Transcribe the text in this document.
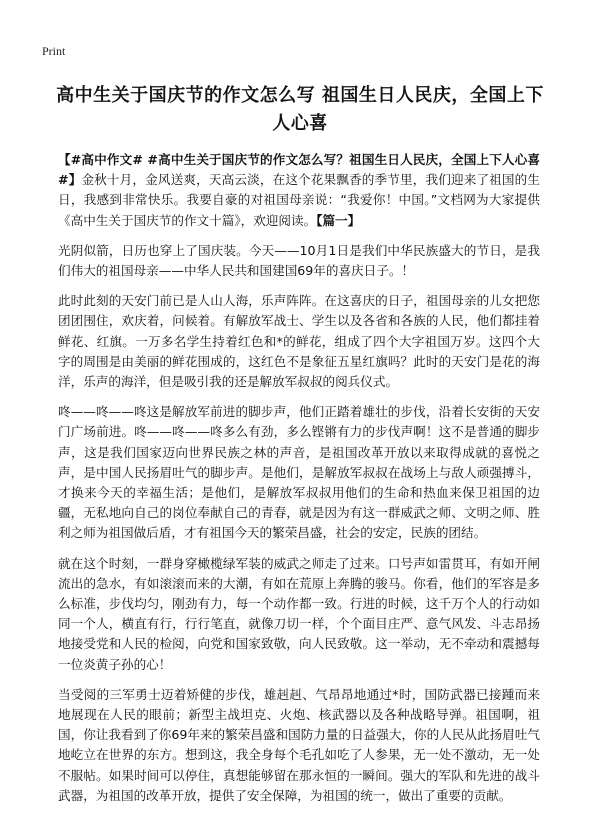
Print
高中生关于国庆节的作文怎么写 祖国生日人民庆，全国上下人心喜

【#高中作文# #高中生关于国庆节的作文怎么写？祖国生日人民庆，全国上下人心喜#】金秋十月，金风送爽，天高云淡，在这个花果飘香的季节里，我们迎来了祖国的生日，我感到非常快乐。我要自豪的对祖国母亲说：“我爱你！中国。”文档网为大家提供《高中生关于国庆节的作文十篇》，欢迎阅读。【篇一】

光阴似箭，日历也穿上了国庆装。今天——10月1日是我们中华民族盛大的节日，是我们伟大的祖国母亲——中华人民共和国建国69年的喜庆日子。！

此时此刻的天安门前已是人山人海，乐声阵阵。在这喜庆的日子，祖国母亲的儿女把您团团围住，欢庆着，问候着。有解放军战士、学生以及各省和各族的人民，他们都挂着鲜花、红旗。一万多名学生持着红色和*的鲜花，组成了四个大字祖国万岁。这四个大字的周围是由美丽的鲜花围成的，这红色不是象征五星红旗吗？此时的天安门是花的海洋，乐声的海洋，但是吸引我的还是解放军叔叔的阅兵仪式。

咚——咚——咚这是解放军前进的脚步声，他们正踏着雄壮的步伐，沿着长安街的天安门广场前进。咚——咚——咚多么有劲，多么铿锵有力的步伐声啊！这不是普通的脚步声，这是我们国家迈向世界民族之林的声音，是祖国改革开放以来取得成就的喜悦之声，是中国人民扬眉吐气的脚步声。是他们，是解放军叔叔在战场上与敌人顽强搏斗，才换来今天的幸福生活；是他们，是解放军叔叔用他们的生命和热血来保卫祖国的边疆，无私地向自己的岗位奉献自己的青春，就是因为有这一群威武之师、文明之师、胜利之师为祖国做后盾，才有祖国今天的繁荣昌盛，社会的安定，民族的团结。

就在这个时刻，一群身穿橄榄绿军装的威武之师走了过来。口号声如雷贯耳，有如开闸流出的急水，有如滚滚而来的大潮，有如在荒原上奔腾的骏马。你看，他们的军容是多么标准，步伐均匀，刚劲有力，每一个动作都一致。行进的时候，这千万个人的行动如同一个人，横直有行，行行笔直，就像刀切一样，个个面目庄严、意气风发、斗志昂扬地接受党和人民的检阅，向党和国家致敬，向人民致敬。这一举动，无不牵动和震撼每一位炎黄子孙的心！

当受阅的三军勇士迈着矫健的步伐，雄赳赳、气昂昂地通过*时，国防武器已接踵而来地展现在人民的眼前；新型主战坦克、火炮、核武器以及各种战略导弹。祖国啊，祖国，你让我看到了你69年来的繁荣昌盛和国防力量的日益强大，你的人民从此扬眉吐气地屹立在世界的东方。想到这，我全身每个毛孔如吃了人参果，无一处不激动，无一处不服帖。如果时间可以停住，真想能够留在那永恒的一瞬间。强大的军队和先进的战斗武器，为祖国的改革开放，提供了安全保障，为祖国的统一，做出了重要的贡献。
